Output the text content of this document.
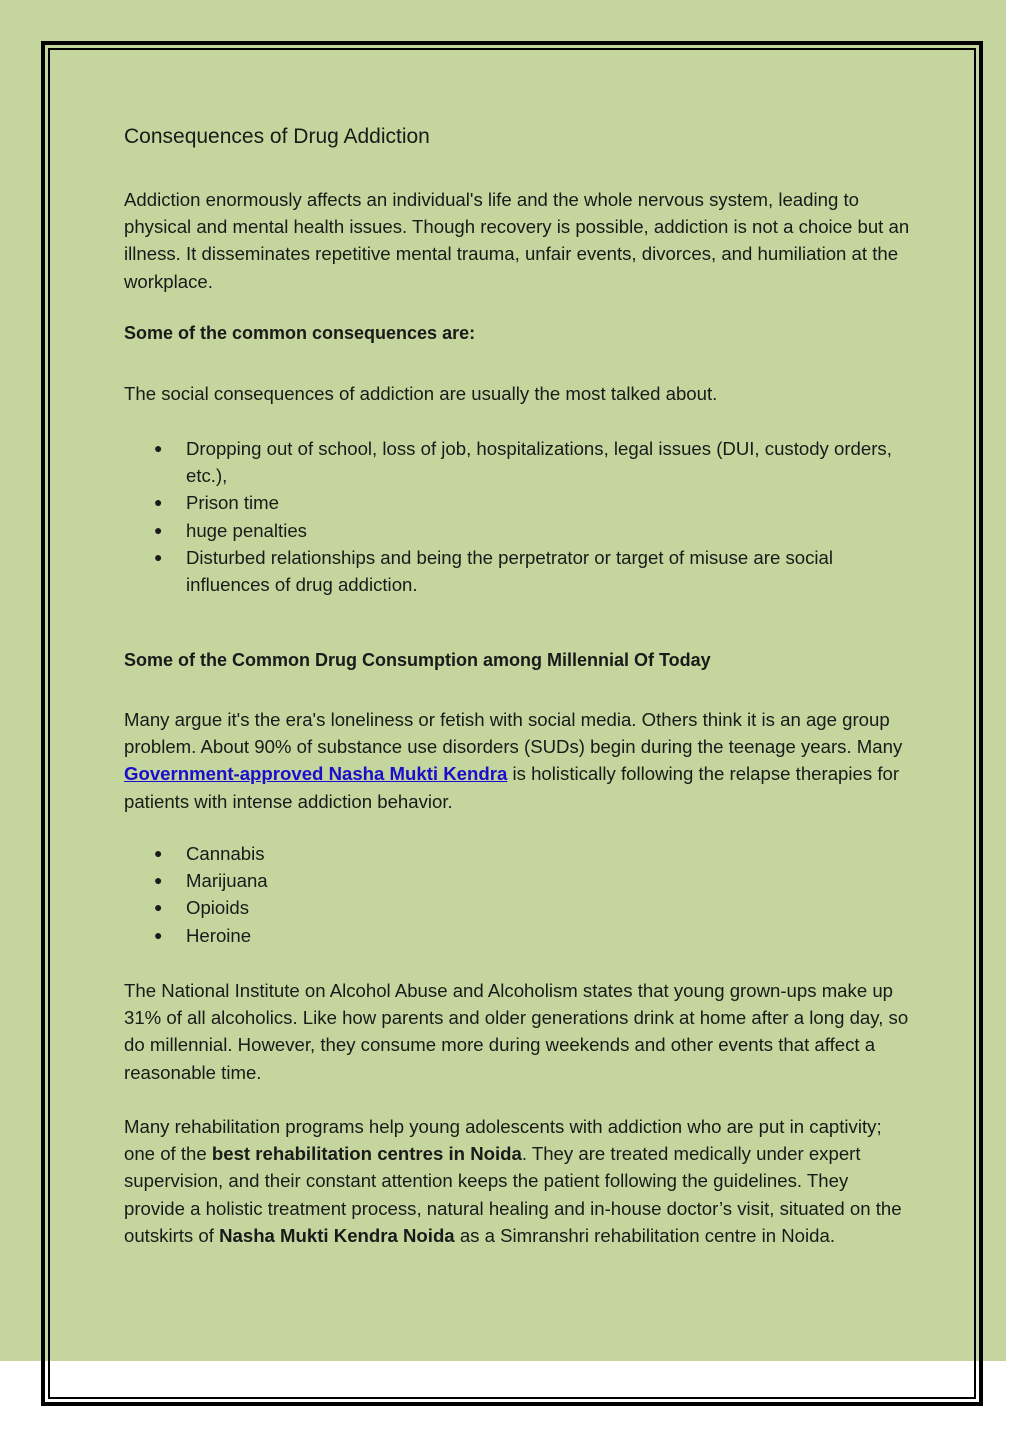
Consequences of Drug Addiction

Addiction enormously affects an individual's life and the whole nervous system, leading to physical and mental health issues. Though recovery is possible, addiction is not a choice but an illness. It disseminates repetitive mental trauma, unfair events, divorces, and humiliation at the workplace.

Some of the common consequences are:

The social consequences of addiction are usually the most talked about.

● Dropping out of school, loss of job, hospitalizations, legal issues (DUI, custody orders, etc.),
● Prison time
● huge penalties
● Disturbed relationships and being the perpetrator or target of misuse are social influences of drug addiction.

Some of the Common Drug Consumption among Millennial Of Today

Many argue it's the era's loneliness or fetish with social media. Others think it is an age group problem. About 90% of substance use disorders (SUDs) begin during the teenage years. Many Government-approved Nasha Mukti Kendra is holistically following the relapse therapies for patients with intense addiction behavior.

● Cannabis
● Marijuana
● Opioids
● Heroine

The National Institute on Alcohol Abuse and Alcoholism states that young grown-ups make up 31% of all alcoholics. Like how parents and older generations drink at home after a long day, so do millennial. However, they consume more during weekends and other events that affect a reasonable time.

Many rehabilitation programs help young adolescents with addiction who are put in captivity; one of the best rehabilitation centres in Noida. They are treated medically under expert supervision, and their constant attention keeps the patient following the guidelines. They provide a holistic treatment process, natural healing and in-house doctor’s visit, situated on the outskirts of Nasha Mukti Kendra Noida as a Simranshri rehabilitation centre in Noida.
